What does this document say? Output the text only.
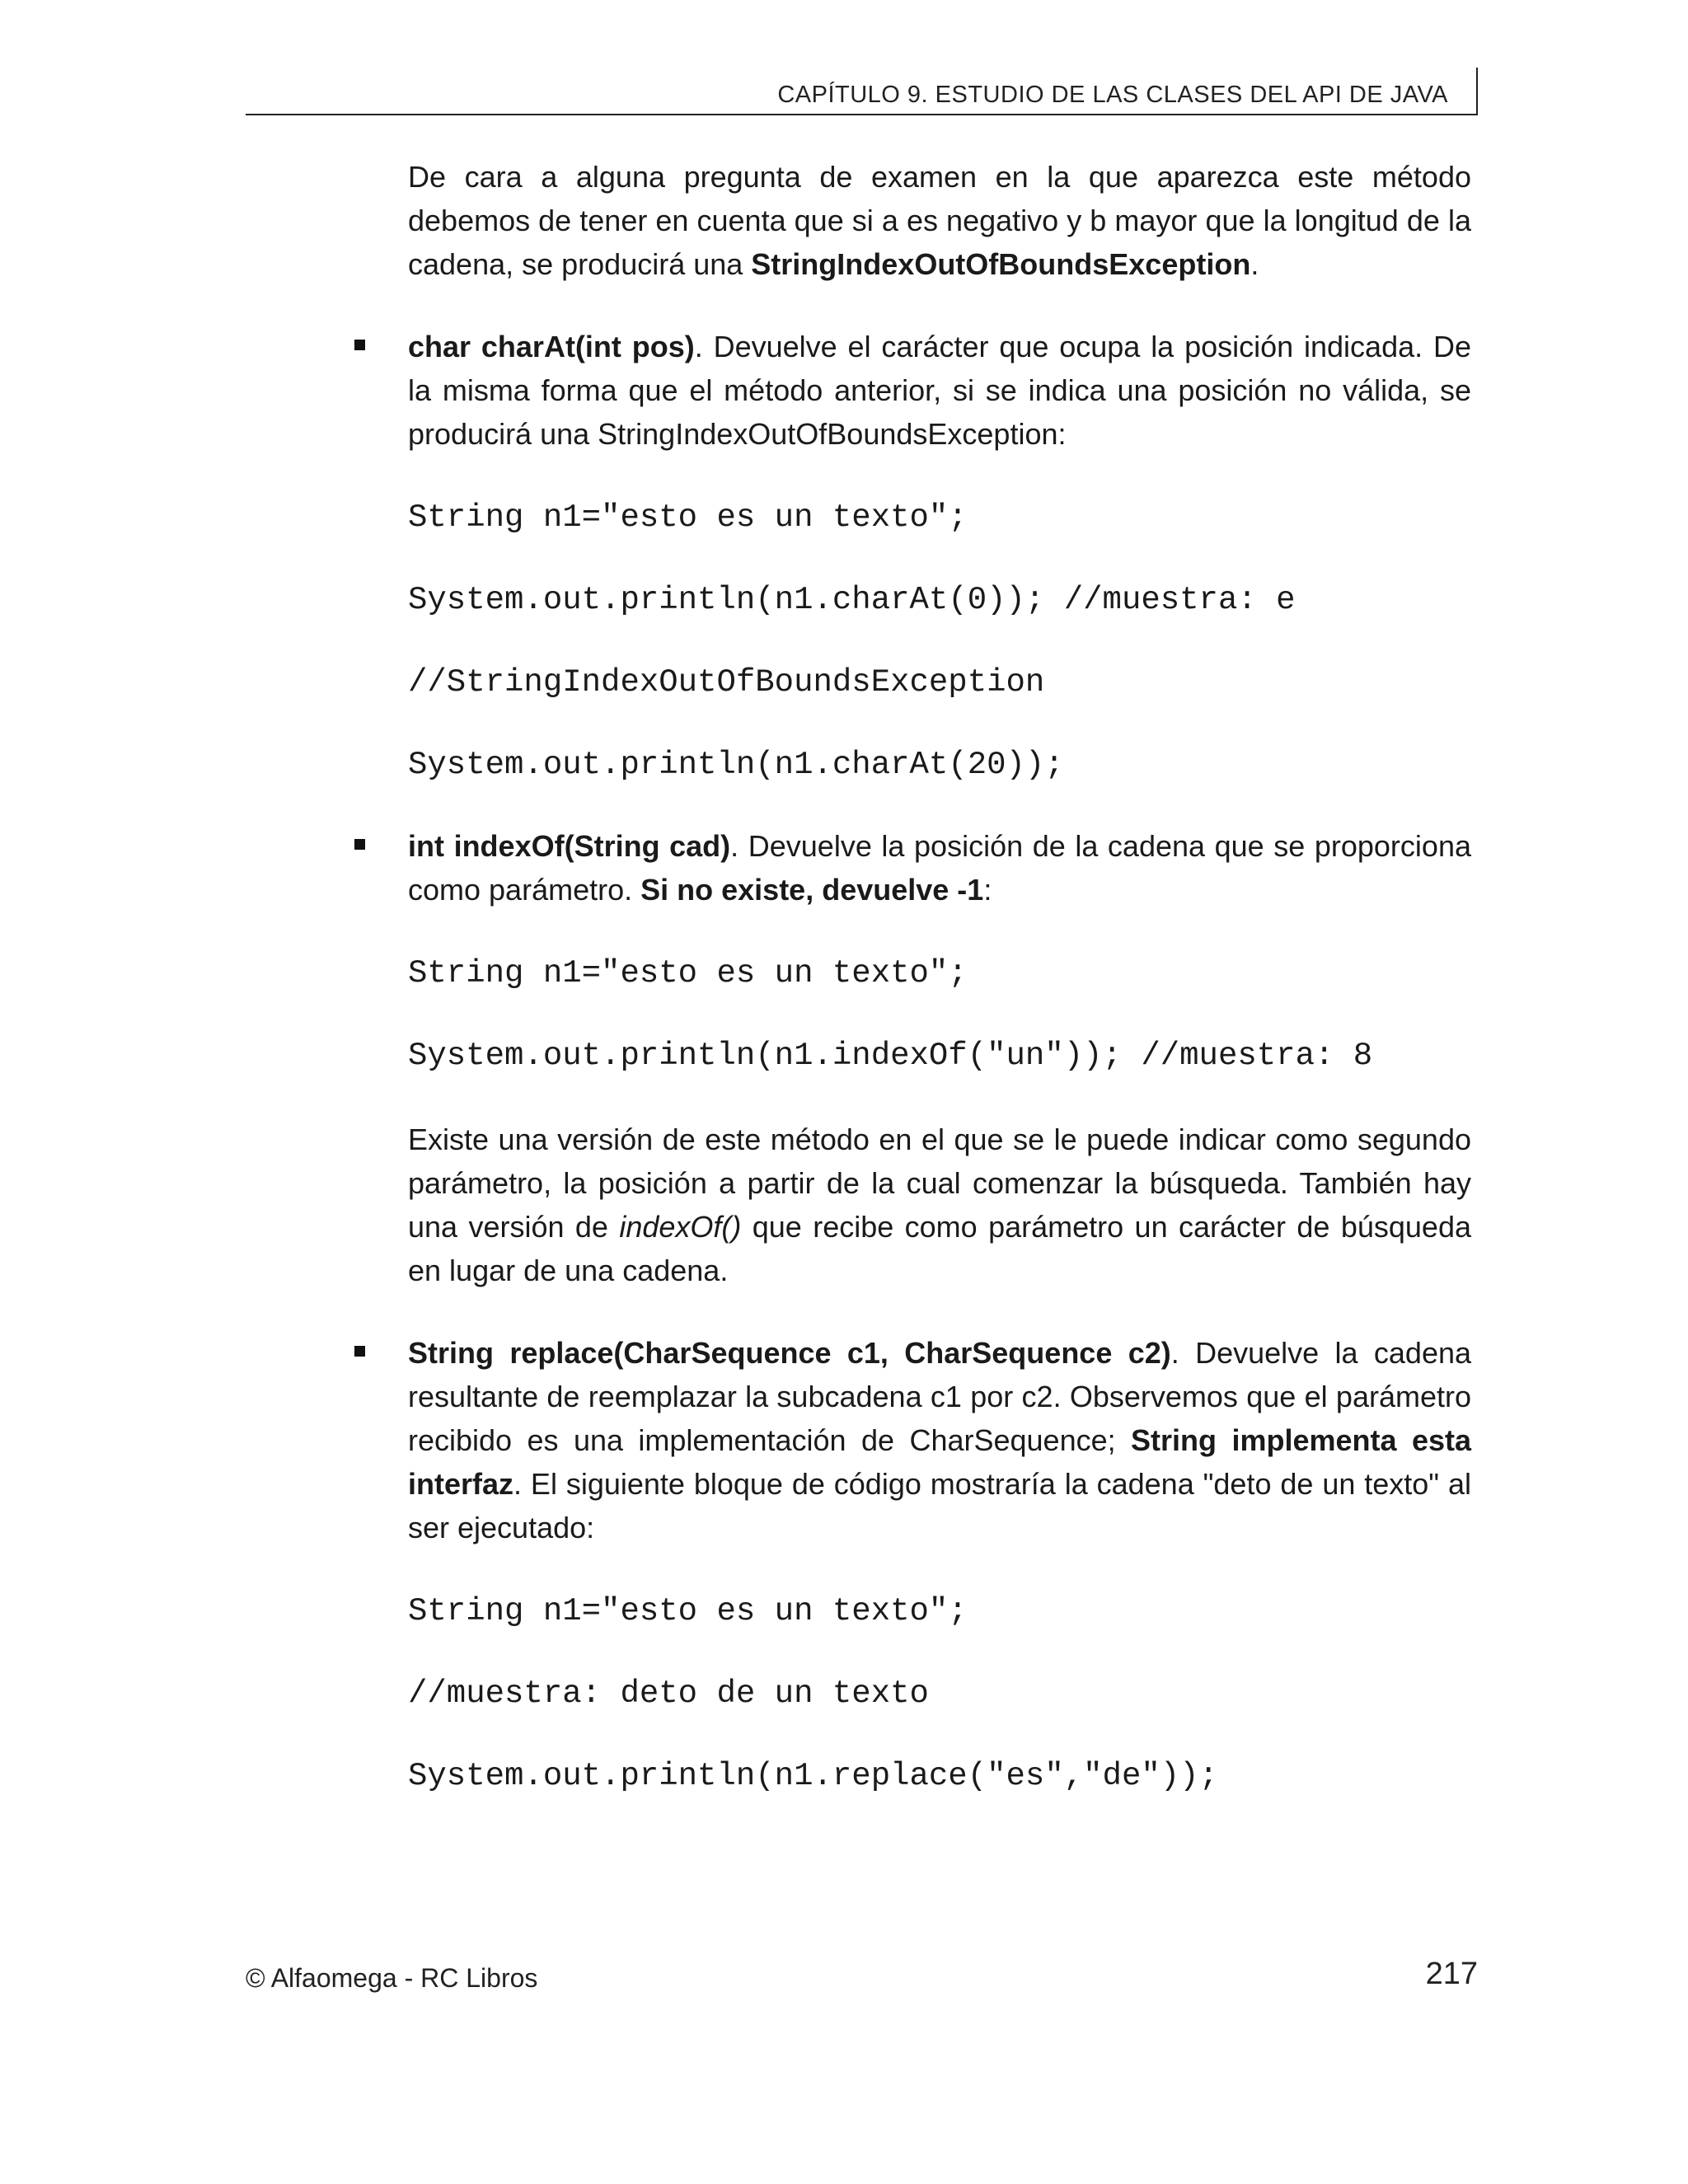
CAPÍTULO 9. ESTUDIO DE LAS CLASES DEL API DE JAVA

De cara a alguna pregunta de examen en la que aparezca este método debemos de tener en cuenta que si a es negativo y b mayor que la longitud de la cadena, se producirá una StringIndexOutOfBoundsException.

char charAt(int pos). Devuelve el carácter que ocupa la posición indicada. De la misma forma que el método anterior, si se indica una posición no válida, se producirá una StringIndexOutOfBoundsException:

String n1="esto es un texto";

System.out.println(n1.charAt(0)); //muestra: e

//StringIndexOutOfBoundsException

System.out.println(n1.charAt(20));

int indexOf(String cad). Devuelve la posición de la cadena que se proporciona como parámetro. Si no existe, devuelve -1:

String n1="esto es un texto";

System.out.println(n1.indexOf("un")); //muestra: 8

Existe una versión de este método en el que se le puede indicar como segundo parámetro, la posición a partir de la cual comenzar la búsqueda. También hay una versión de indexOf() que recibe como parámetro un carácter de búsqueda en lugar de una cadena.

String replace(CharSequence c1, CharSequence c2). Devuelve la cadena resultante de reemplazar la subcadena c1 por c2. Observemos que el parámetro recibido es una implementación de CharSequence; String implementa esta interfaz. El siguiente bloque de código mostraría la cadena "deto de un texto" al ser ejecutado:

String n1="esto es un texto";

//muestra: deto de un texto

System.out.println(n1.replace("es","de"));

© Alfaomega - RC Libros	217
